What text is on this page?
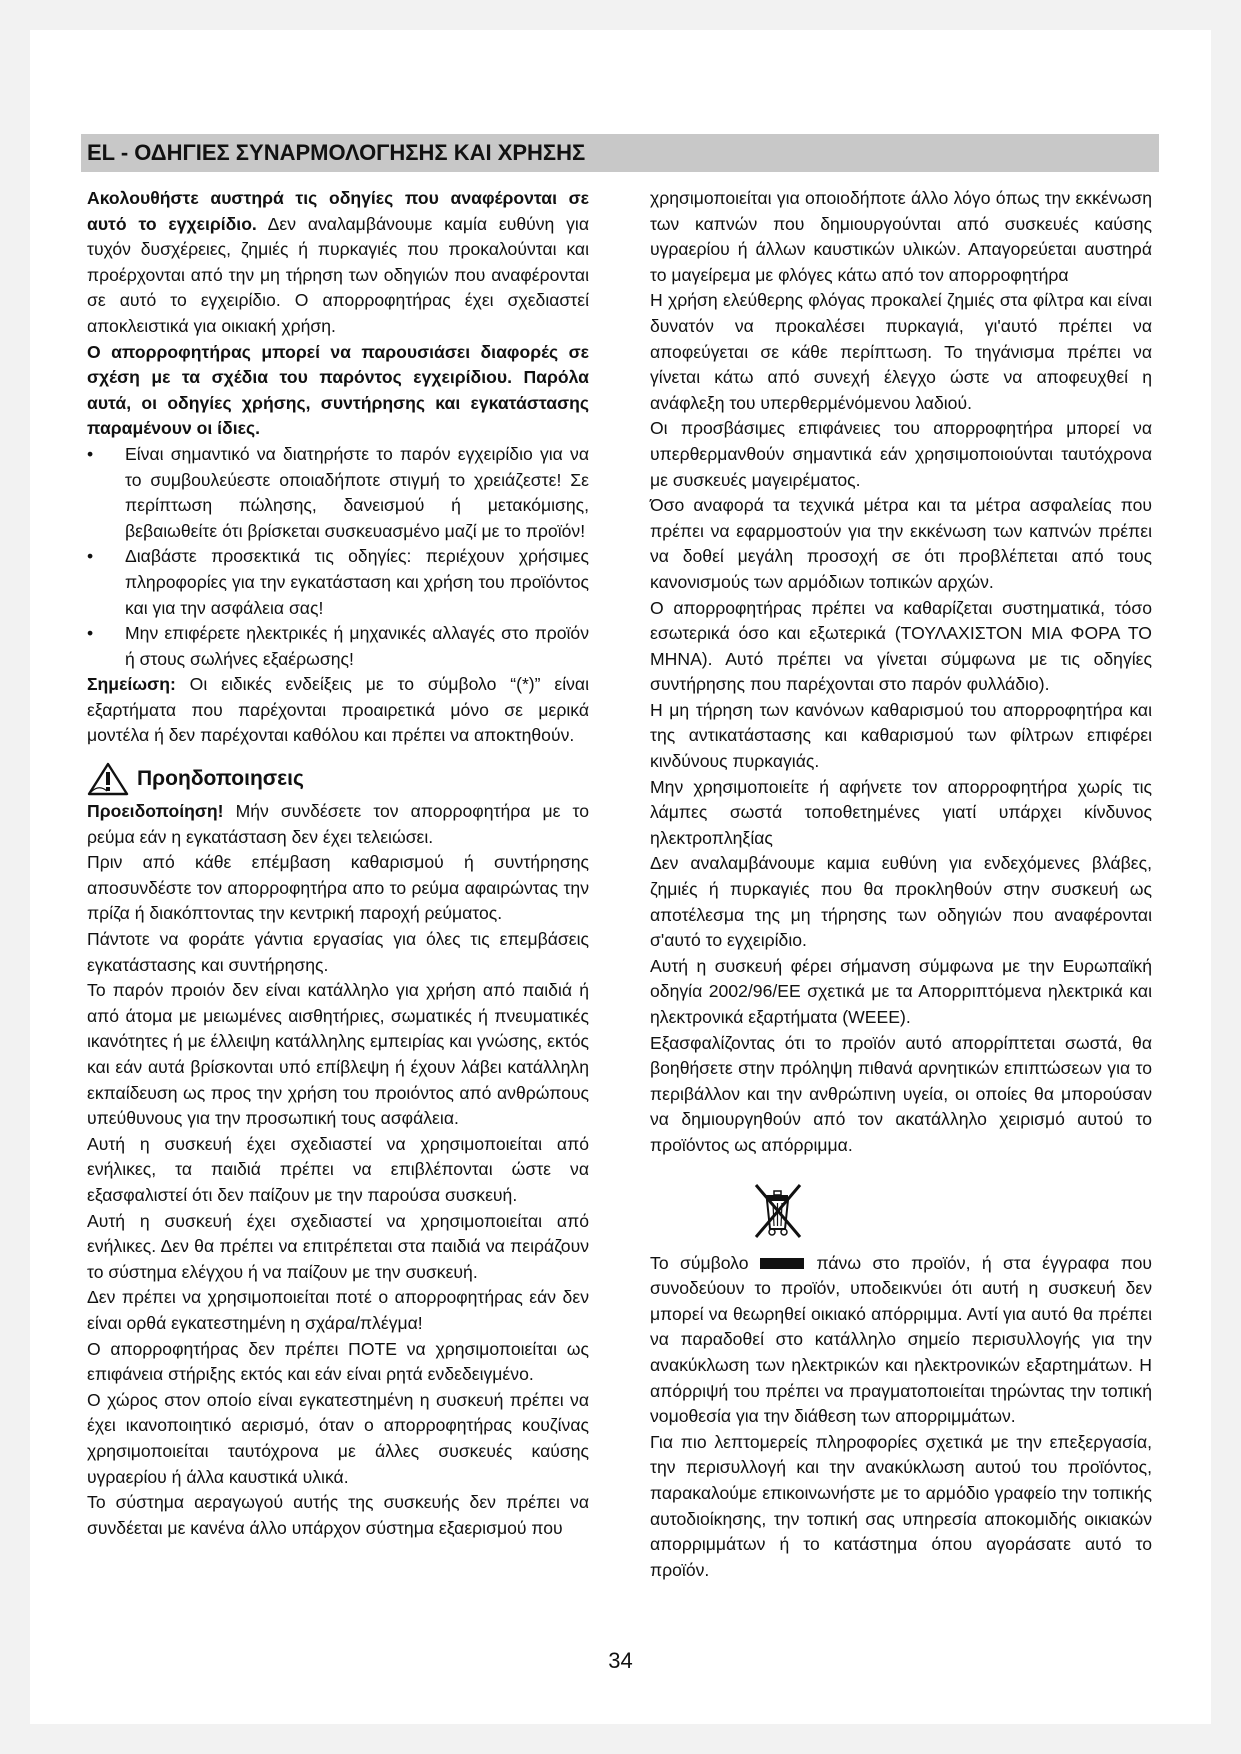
EL - ΟΔΗΓΙΕΣ ΣΥΝΑΡΜΟΛΟΓΗΣΗΣ ΚΑΙ ΧΡΗΣΗΣ

Ακολουθήστε αυστηρά τις οδηγίες που αναφέρονται σε αυτό το εγχειρίδιο. Δεν αναλαμβάνουμε καμία ευθύνη για τυχόν δυσχέρειες, ζημιές ή πυρκαγιές που προκαλούνται και προέρχονται από την μη τήρηση των οδηγιών που αναφέρονται σε αυτό το εγχειρίδιο. Ο απορροφητήρας έχει σχεδιαστεί αποκλειστικά για οικιακή χρήση.

Ο απορροφητήρας μπορεί να παρουσιάσει διαφορές σε σχέση με τα σχέδια του παρόντος εγχειρίδιου. Παρόλα αυτά, οι οδηγίες χρήσης, συντήρησης και εγκατάστασης παραμένουν οι ίδιες.

• Είναι σημαντικό να διατηρήστε το παρόν εγχειρίδιο για να το συμβουλεύεστε οποιαδήποτε στιγμή το χρειάζεστε! Σε περίπτωση πώλησης, δανεισμού ή μετακόμισης, βεβαιωθείτε ότι βρίσκεται συσκευασμένο μαζί με το προϊόν!
• Διαβάστε προσεκτικά τις οδηγίες: περιέχουν χρήσιμες πληροφορίες για την εγκατάσταση και χρήση του προϊόντος και για την ασφάλεια σας!
• Μην επιφέρετε ηλεκτρικές ή μηχανικές αλλαγές στο προϊόν ή στους σωλήνες εξαέρωσης!

Σημείωση: Οι ειδικές ενδείξεις με το σύμβολο “(*)” είναι εξαρτήματα που παρέχονται προαιρετικά μόνο σε μερικά μοντέλα ή δεν παρέχονται καθόλου και πρέπει να αποκτηθούν.

Προηδοποιησεις

Προειδοποίηση! Μήν συνδέσετε τον απορροφητήρα με το ρεύμα εάν η εγκατάσταση δεν έχει τελειώσει.

Πριν από κάθε επέμβαση καθαρισμού ή συντήρησης αποσυνδέστε τον απορροφητήρα απο το ρεύμα αφαιρώντας την πρίζα ή διακόπτοντας την κεντρική παροχή ρεύματος.

Πάντοτε να φοράτε γάντια εργασίας για όλες τις επεμβάσεις εγκατάστασης και συντήρησης.

Το παρόν προιόν δεν είναι κατάλληλο για χρήση από παιδιά ή από άτομα με μειωμένες αισθητήριες, σωματικές ή πνευματικές ικανότητες ή με έλλειψη κατάλληλης εμπειρίας και γνώσης, εκτός και εάν αυτά βρίσκονται υπό επίβλεψη ή έχουν λάβει κατάλληλη εκπαίδευση ως προς την χρήση του προιόντος από ανθρώπους υπεύθυνους για την προσωπική τους ασφάλεια.

Αυτή η συσκευή έχει σχεδιαστεί να χρησιμοποιείται από ενήλικες, τα παιδιά πρέπει να επιβλέπονται ώστε να εξασφαλιστεί ότι δεν παίζουν με την παρούσα συσκευή.

Αυτή η συσκευή έχει σχεδιαστεί να χρησιμοποιείται από ενήλικες. Δεν θα πρέπει να επιτρέπεται στα παιδιά να πειράζουν το σύστημα ελέγχου ή να παίζουν με την συσκευή.

Δεν πρέπει να χρησιμοποιείται ποτέ ο απορροφητήρας εάν δεν είναι ορθά εγκατεστημένη η σχάρα/πλέγμα!

Ο απορροφητήρας δεν πρέπει ΠΟΤΕ να χρησιμοποιείται ως επιφάνεια στήριξης εκτός και εάν είναι ρητά ενδεδειγμένο.

Ο χώρος στον οποίο είναι εγκατεστημένη η συσκευή πρέπει να έχει ικανοποιητικό αερισμό, όταν ο απορροφητήρας κουζίνας χρησιμοποιείται ταυτόχρονα με άλλες συσκευές καύσης υγραερίου ή άλλα καυστικά υλικά.

Το σύστημα αεραγωγού αυτής της συσκευής δεν πρέπει να συνδέεται με κανένα άλλο υπάρχον σύστημα εξαερισμού που

χρησιμοποιείται για οποιοδήποτε άλλο λόγο όπως την εκκένωση των καπνών που δημιουργούνται από συσκευές καύσης υγραερίου ή άλλων καυστικών υλικών. Απαγορεύεται αυστηρά το μαγείρεμα με φλόγες κάτω από τον απορροφητήρα

Η χρήση ελεύθερης φλόγας προκαλεί ζημιές στα φίλτρα και είναι δυνατόν να προκαλέσει πυρκαγιά, γι'αυτό πρέπει να αποφεύγεται σε κάθε περίπτωση. Το τηγάνισμα πρέπει να γίνεται κάτω από συνεχή έλεγχο ώστε να αποφευχθεί η ανάφλεξη του υπερθερμένόμενου λαδιού.

Οι προσβάσιμες επιφάνειες του απορροφητήρα μπορεί να υπερθερμανθούν σημαντικά εάν χρησιμοποιούνται ταυτόχρονα με συσκευές μαγειρέματος.

Όσο αναφορά τα τεχνικά μέτρα και τα μέτρα ασφαλείας που πρέπει να εφαρμοστούν για την εκκένωση των καπνών πρέπει να δοθεί μεγάλη προσοχή σε ότι προβλέπεται από τους κανονισμούς των αρμόδιων τοπικών αρχών.

Ο απορροφητήρας πρέπει να καθαρίζεται συστηματικά, τόσο εσωτερικά όσο και εξωτερικά (ΤΟΥΛΑΧΙΣΤΟΝ ΜΙΑ ΦΟΡΑ ΤΟ ΜΗΝΑ). Αυτό πρέπει να γίνεται σύμφωνα με τις οδηγίες συντήρησης που παρέχονται στο παρόν φυλλάδιο).

Η μη τήρηση των κανόνων καθαρισμού του απορροφητήρα και της αντικατάστασης και καθαρισμού των φίλτρων επιφέρει κινδύνους πυρκαγιάς.

Μην χρησιμοποιείτε ή αφήνετε τον απορροφητήρα χωρίς τις λάμπες σωστά τοποθετημένες γιατί υπάρχει κίνδυνος ηλεκτροπληξίας

Δεν αναλαμβάνουμε καμια ευθύνη για ενδεχόμενες βλάβες, ζημιές ή πυρκαγιές που θα προκληθούν στην συσκευή ως αποτέλεσμα της μη τήρησης των οδηγιών που αναφέρονται σ'αυτό το εγχειρίδιο.

Αυτή η συσκευή φέρει σήμανση σύμφωνα με την Ευρωπαϊκή οδηγία 2002/96/ΕΕ σχετικά με τα Απορριπτόμενα ηλεκτρικά και ηλεκτρονικά εξαρτήματα (WEEE).

Εξασφαλίζοντας ότι το προϊόν αυτό απορρίπτεται σωστά, θα βοηθήσετε στην πρόληψη πιθανά αρνητικών επιπτώσεων για το περιβάλλον και την ανθρώπινη υγεία, οι οποίες θα μπορούσαν να δημιουργηθούν από τον ακατάλληλο χειρισμό αυτού το προϊόντος ως απόρριμμα.

Το σύμβολο	πάνω στο προϊόν, ή στα έγγραφα που συνοδεύουν το προϊόν, υποδεικνύει ότι αυτή η συσκευή δεν μπορεί να θεωρηθεί οικιακό απόρριμμα. Αντί για αυτό θα πρέπει να παραδοθεί στο κατάλληλο σημείο περισυλλογής για την ανακύκλωση των ηλεκτρικών και ηλεκτρονικών εξαρτημάτων. Η απόρριψή του πρέπει να πραγματοποιείται τηρώντας την τοπική νομοθεσία για την διάθεση των απορριμμάτων.

Για πιο λεπτομερείς πληροφορίες σχετικά με την επεξεργασία, την περισυλλογή και την ανακύκλωση αυτού του προϊόντος, παρακαλούμε επικοινωνήστε με το αρμόδιο γραφείο την τοπικής αυτοδιοίκησης, την τοπική σας υπηρεσία αποκομιδής οικιακών απορριμμάτων ή το κατάστημα όπου αγοράσατε αυτό το προϊόν.

34
